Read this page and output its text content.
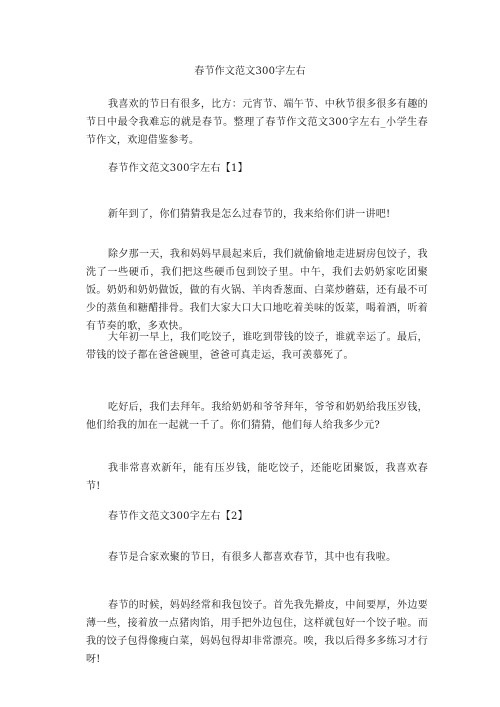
春节作文范文300字左右
我喜欢的节日有很多，比方：元宵节、端午节、中秋节很多很多有趣的节日中最令我难忘的就是春节。整理了春节作文范文300字左右_小学生春节作文，欢迎借鉴参考。
春节作文范文300字左右【1】
新年到了，你们猜猜我是怎么过春节的，我来给你们讲一讲吧!
除夕那一天，我和妈妈早晨起来后，我们就偷偷地走进厨房包饺子，我洗了一些硬币，我们把这些硬币包到饺子里。中午，我们去奶奶家吃团聚饭。奶奶和奶奶做饭，做的有火锅、羊肉香葱面、白菜炒蘑菇，还有最不可少的蒸鱼和糖醋排骨。我们大家大口大口地吃着美味的饭菜，喝着酒，听着有节奏的歌，多欢快。
大年初一早上，我们吃饺子，谁吃到带钱的饺子，谁就幸运了。最后，带钱的饺子都在爸爸碗里，爸爸可真走运，我可羡慕死了。
吃好后，我们去拜年。我给奶奶和爷爷拜年，爷爷和奶奶给我压岁钱，他们给我的加在一起就一千了。你们猜猜，他们每人给我多少元?
我非常喜欢新年，能有压岁钱，能吃饺子，还能吃团聚饭，我喜欢春节!
春节作文范文300字左右【2】
春节是合家欢聚的节日，有很多人都喜欢春节，其中也有我啦。
春节的时候，妈妈经常和我包饺子。首先我先擀皮，中间要厚，外边要薄一些，接着放一点猪肉馅，用手把外边包住，这样就包好一个饺子啦。而我的饺子包得像瘦白菜，妈妈包得却非常漂亮。唉，我以后得多多练习才行呀!
